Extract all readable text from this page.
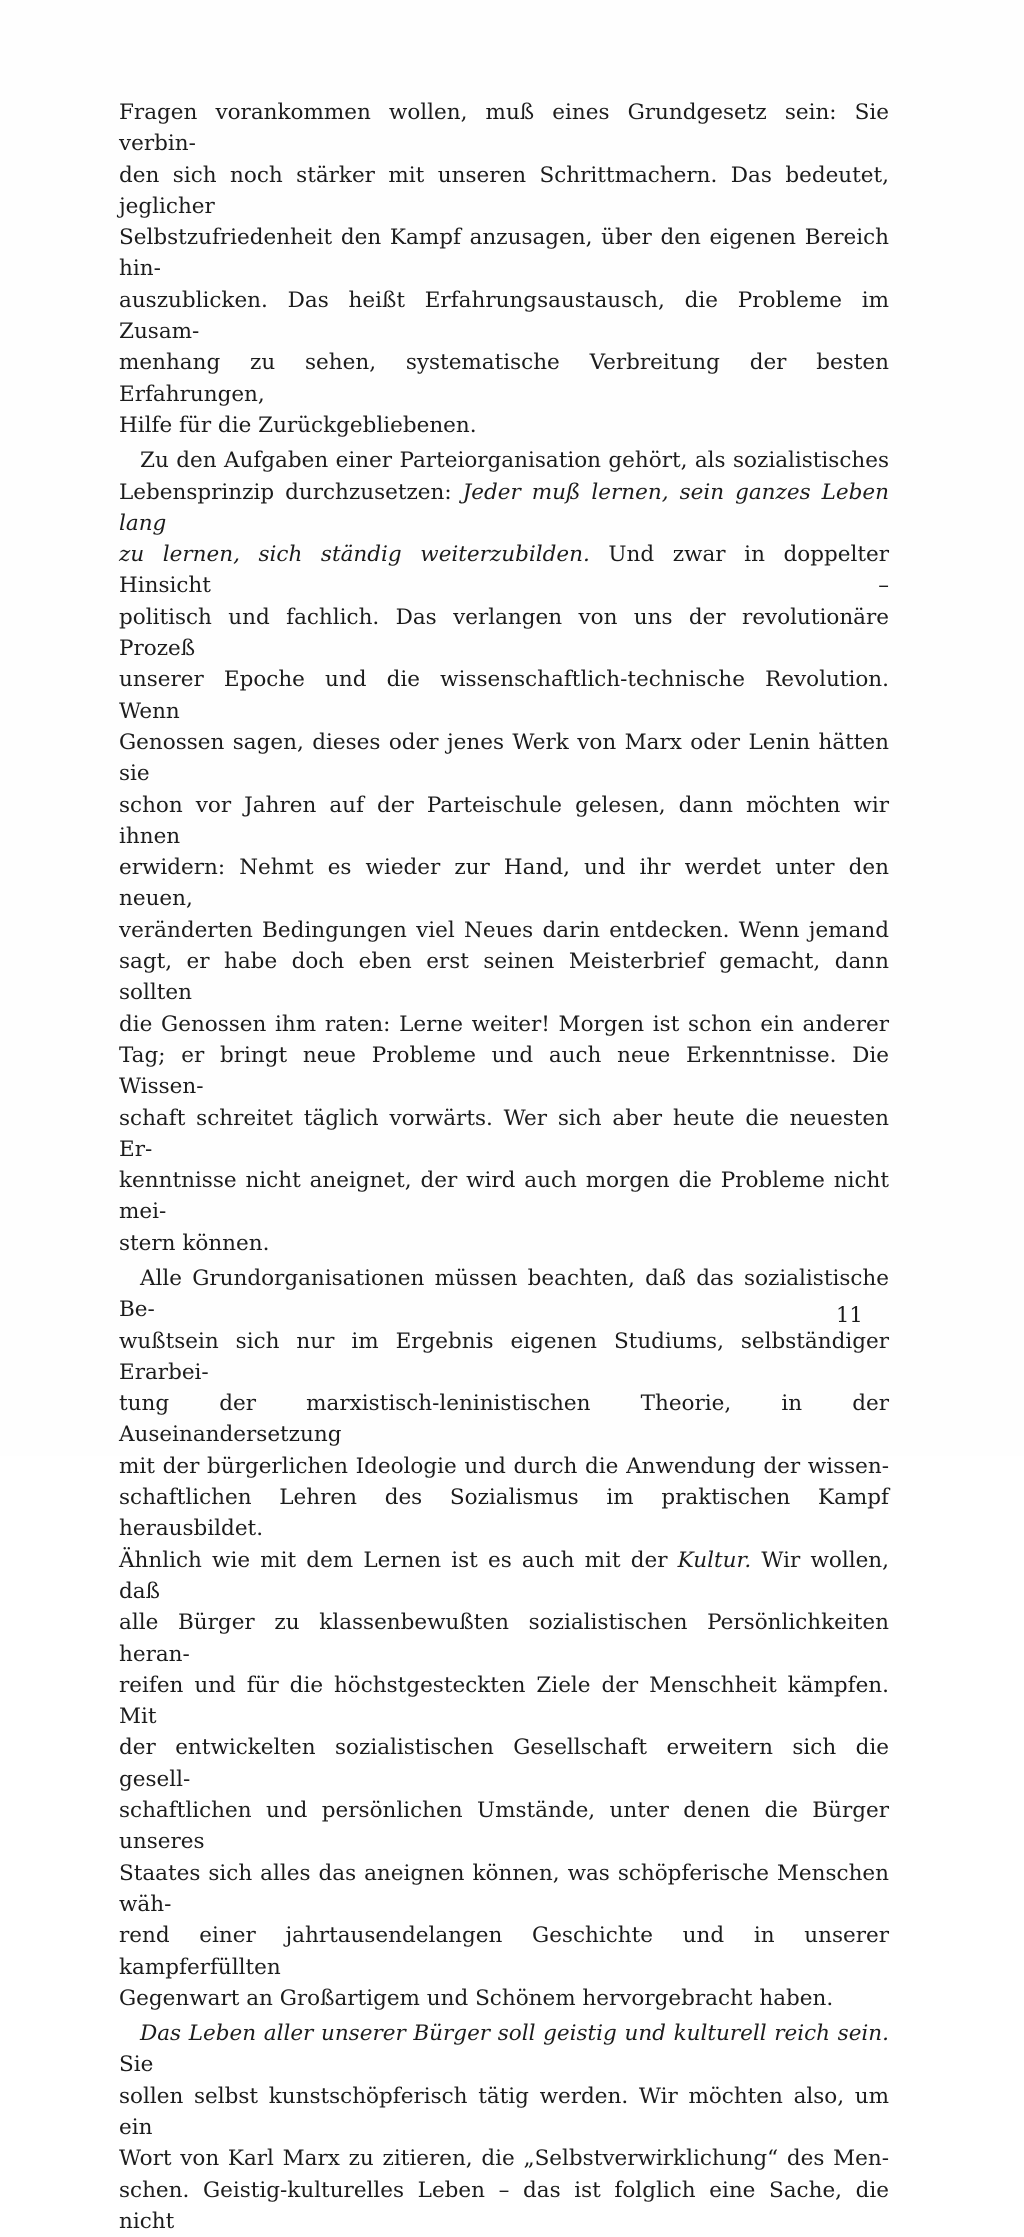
Fragen vorankommen wollen, muß eines Grundgesetz sein: Sie verbin-
den sich noch stärker mit unseren Schrittmachern. Das bedeutet, jeglicher
Selbstzufriedenheit den Kampf anzusagen, über den eigenen Bereich hin-
auszublicken. Das heißt Erfahrungsaustausch, die Probleme im Zusam-
menhang zu sehen, systematische Verbreitung der besten Erfahrungen,
Hilfe für die Zurückgebliebenen.

Zu den Aufgaben einer Parteiorganisation gehört, als sozialistisches
Lebensprinzip durchzusetzen: Jeder muß lernen, sein ganzes Leben lang
zu lernen, sich ständig weiterzubilden. Und zwar in doppelter Hinsicht –
politisch und fachlich. Das verlangen von uns der revolutionäre Prozeß
unserer Epoche und die wissenschaftlich-technische Revolution. Wenn
Genossen sagen, dieses oder jenes Werk von Marx oder Lenin hätten sie
schon vor Jahren auf der Parteischule gelesen, dann möchten wir ihnen
erwidern: Nehmt es wieder zur Hand, und ihr werdet unter den neuen,
veränderten Bedingungen viel Neues darin entdecken. Wenn jemand
sagt, er habe doch eben erst seinen Meisterbrief gemacht, dann sollten
die Genossen ihm raten: Lerne weiter! Morgen ist schon ein anderer
Tag; er bringt neue Probleme und auch neue Erkenntnisse. Die Wissen-
schaft schreitet täglich vorwärts. Wer sich aber heute die neuesten Er-
kenntnisse nicht aneignet, der wird auch morgen die Probleme nicht mei-
stern können.

Alle Grundorganisationen müssen beachten, daß das sozialistische Be-
wußtsein sich nur im Ergebnis eigenen Studiums, selbständiger Erarbei-
tung der marxistisch-leninistischen Theorie, in der Auseinandersetzung
mit der bürgerlichen Ideologie und durch die Anwendung der wissen-
schaftlichen Lehren des Sozialismus im praktischen Kampf herausbildet.
Ähnlich wie mit dem Lernen ist es auch mit der Kultur. Wir wollen, daß
alle Bürger zu klassenbewußten sozialistischen Persönlichkeiten heran-
reifen und für die höchstgesteckten Ziele der Menschheit kämpfen. Mit
der entwickelten sozialistischen Gesellschaft erweitern sich die gesell-
schaftlichen und persönlichen Umstände, unter denen die Bürger unseres
Staates sich alles das aneignen können, was schöpferische Menschen wäh-
rend einer jahrtausendelangen Geschichte und in unserer kampferfüllten
Gegenwart an Großartigem und Schönem hervorgebracht haben.

Das Leben aller unserer Bürger soll geistig und kulturell reich sein. Sie
sollen selbst kunstschöpferisch tätig werden. Wir möchten also, um ein
Wort von Karl Marx zu zitieren, die „Selbstverwirklichung“ des Men-
schen. Geistig-kulturelles Leben – das ist folglich eine Sache, die nicht

11
